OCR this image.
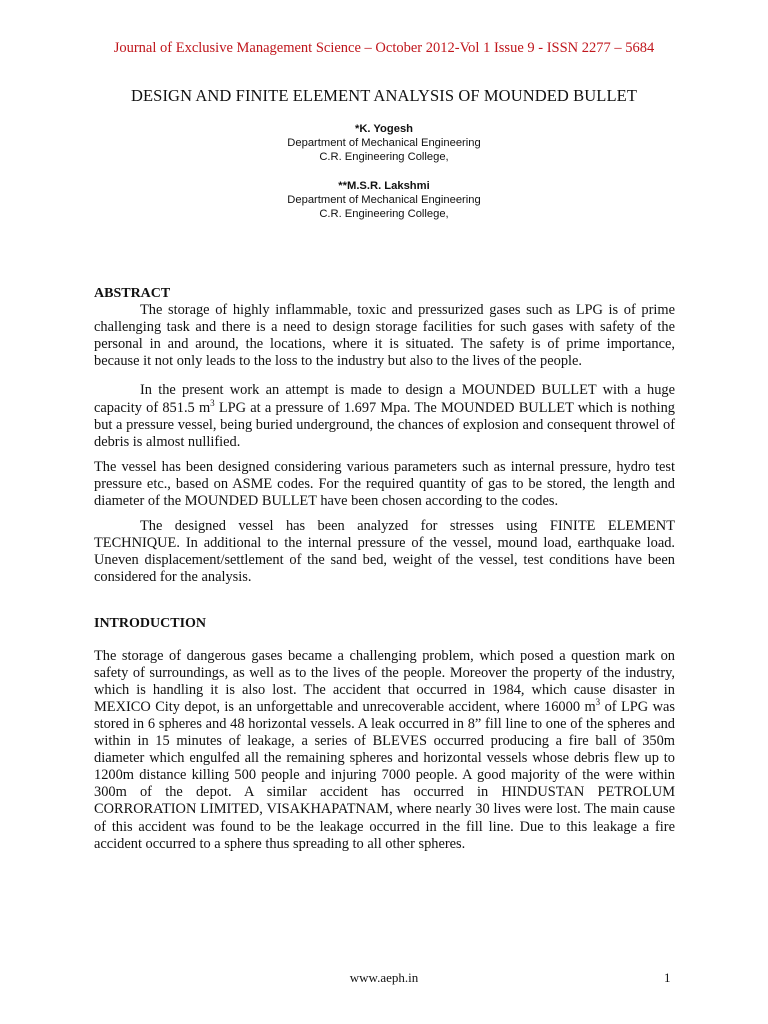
Journal of Exclusive Management Science – October 2012-Vol 1 Issue 9 - ISSN 2277 – 5684
DESIGN AND FINITE ELEMENT ANALYSIS OF MOUNDED BULLET
*K. Yogesh
Department of Mechanical Engineering
C.R. Engineering College,
**M.S.R. Lakshmi
Department of Mechanical Engineering
C.R. Engineering College,
ABSTRACT

The storage of highly inflammable, toxic and pressurized gases such as LPG is of prime challenging task and there is a need to design storage facilities for such gases with safety of the personal in and around, the locations, where it is situated. The safety is of prime importance, because it not only leads to the loss to the industry but also to the lives of the people.

In the present work an attempt is made to design a MOUNDED BULLET with a huge capacity of 851.5 $m^3$ LPG at a pressure of 1.697 Mpa. The MOUNDED BULLET which is nothing but a pressure vessel, being buried underground, the chances of explosion and consequent throwel of debris is almost nullified.

The vessel has been designed considering various parameters such as internal pressure, hydro test pressure etc., based on ASME codes. For the required quantity of gas to be stored, the length and diameter of the MOUNDED BULLET have been chosen according to the codes.

The designed vessel has been analyzed for stresses using FINITE ELEMENT TECHNIQUE. In additional to the internal pressure of the vessel, mound load, earthquake load. Uneven displacement/settlement of the sand bed, weight of the vessel, test conditions have been considered for the analysis.

INTRODUCTION

The storage of dangerous gases became a challenging problem, which posed a question mark on safety of surroundings, as well as to the lives of the people. Moreover the property of the industry, which is handling it is also lost. The accident that occurred in 1984, which cause disaster in MEXICO City depot, is an unforgettable and unrecoverable accident, where 16000 $m^3$ of LPG was stored in 6 spheres and 48 horizontal vessels. A leak occurred in 8” fill line to one of the spheres and within in 15 minutes of leakage, a series of BLEVES occurred producing a fire ball of 350m diameter which engulfed all the remaining spheres and horizontal vessels whose debris flew up to 1200m distance killing 500 people and injuring 7000 people. A good majority of the were within 300m of the depot. A similar accident has occurred in HINDUSTAN PETROLUM CORRORATION LIMITED, VISAKHAPATNAM, where nearly 30 lives were lost. The main cause of this accident was found to be the leakage occurred in the fill line. Due to this leakage a fire accident occurred to a sphere thus spreading to all other spheres.

www.aeph.in	1
